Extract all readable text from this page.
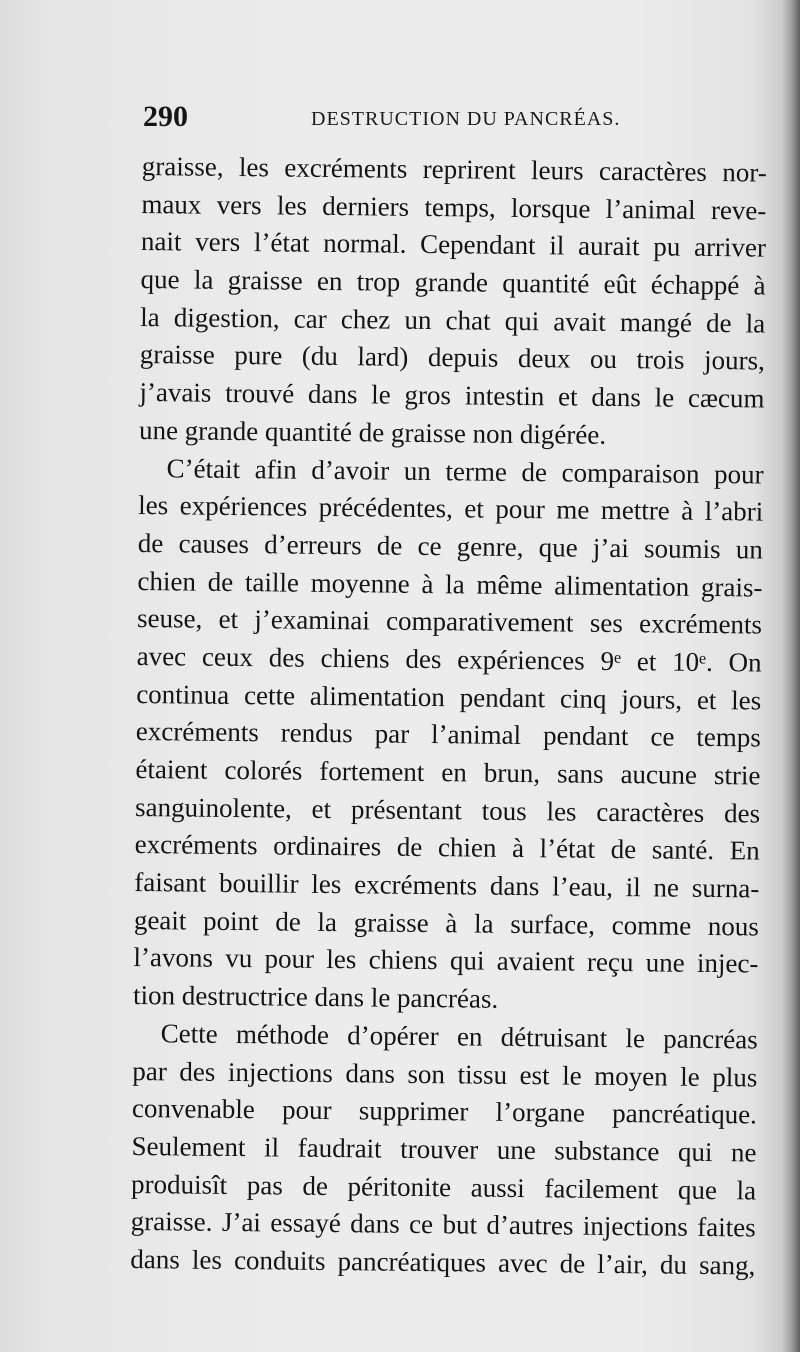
290	DESTRUCTION DU PANCRÉAS.
graisse, les excréments reprirent leurs caractères nor-
maux vers les derniers temps, lorsque l’animal reve-
nait vers l’état normal. Cependant il aurait pu arriver
que la graisse en trop grande quantité eût échappé à
la digestion, car chez un chat qui avait mangé de la
graisse pure (du lard) depuis deux ou trois jours,
j’avais trouvé dans le gros intestin et dans le cæcum
une grande quantité de graisse non digérée.
C’était afin d’avoir un terme de comparaison pour
les expériences précédentes, et pour me mettre à l’abri
de causes d’erreurs de ce genre, que j’ai soumis un
chien de taille moyenne à la même alimentation grais-
seuse, et j’examinai comparativement ses excréments
avec ceux des chiens des expériences 9ᵉ et 10ᵉ. On
continua cette alimentation pendant cinq jours, et les
excréments rendus par l’animal pendant ce temps
étaient colorés fortement en brun, sans aucune strie
sanguinolente, et présentant tous les caractères des
excréments ordinaires de chien à l’état de santé. En
faisant bouillir les excréments dans l’eau, il ne surna-
geait point de la graisse à la surface, comme nous
l’avons vu pour les chiens qui avaient reçu une injec-
tion destructrice dans le pancréas.
Cette méthode d’opérer en détruisant le pancréas
par des injections dans son tissu est le moyen le plus
convenable pour supprimer l’organe pancréatique.
Seulement il faudrait trouver une substance qui ne
produisît pas de péritonite aussi facilement que la
graisse. J’ai essayé dans ce but d’autres injections faites
dans les conduits pancréatiques avec de l’air, du sang,
